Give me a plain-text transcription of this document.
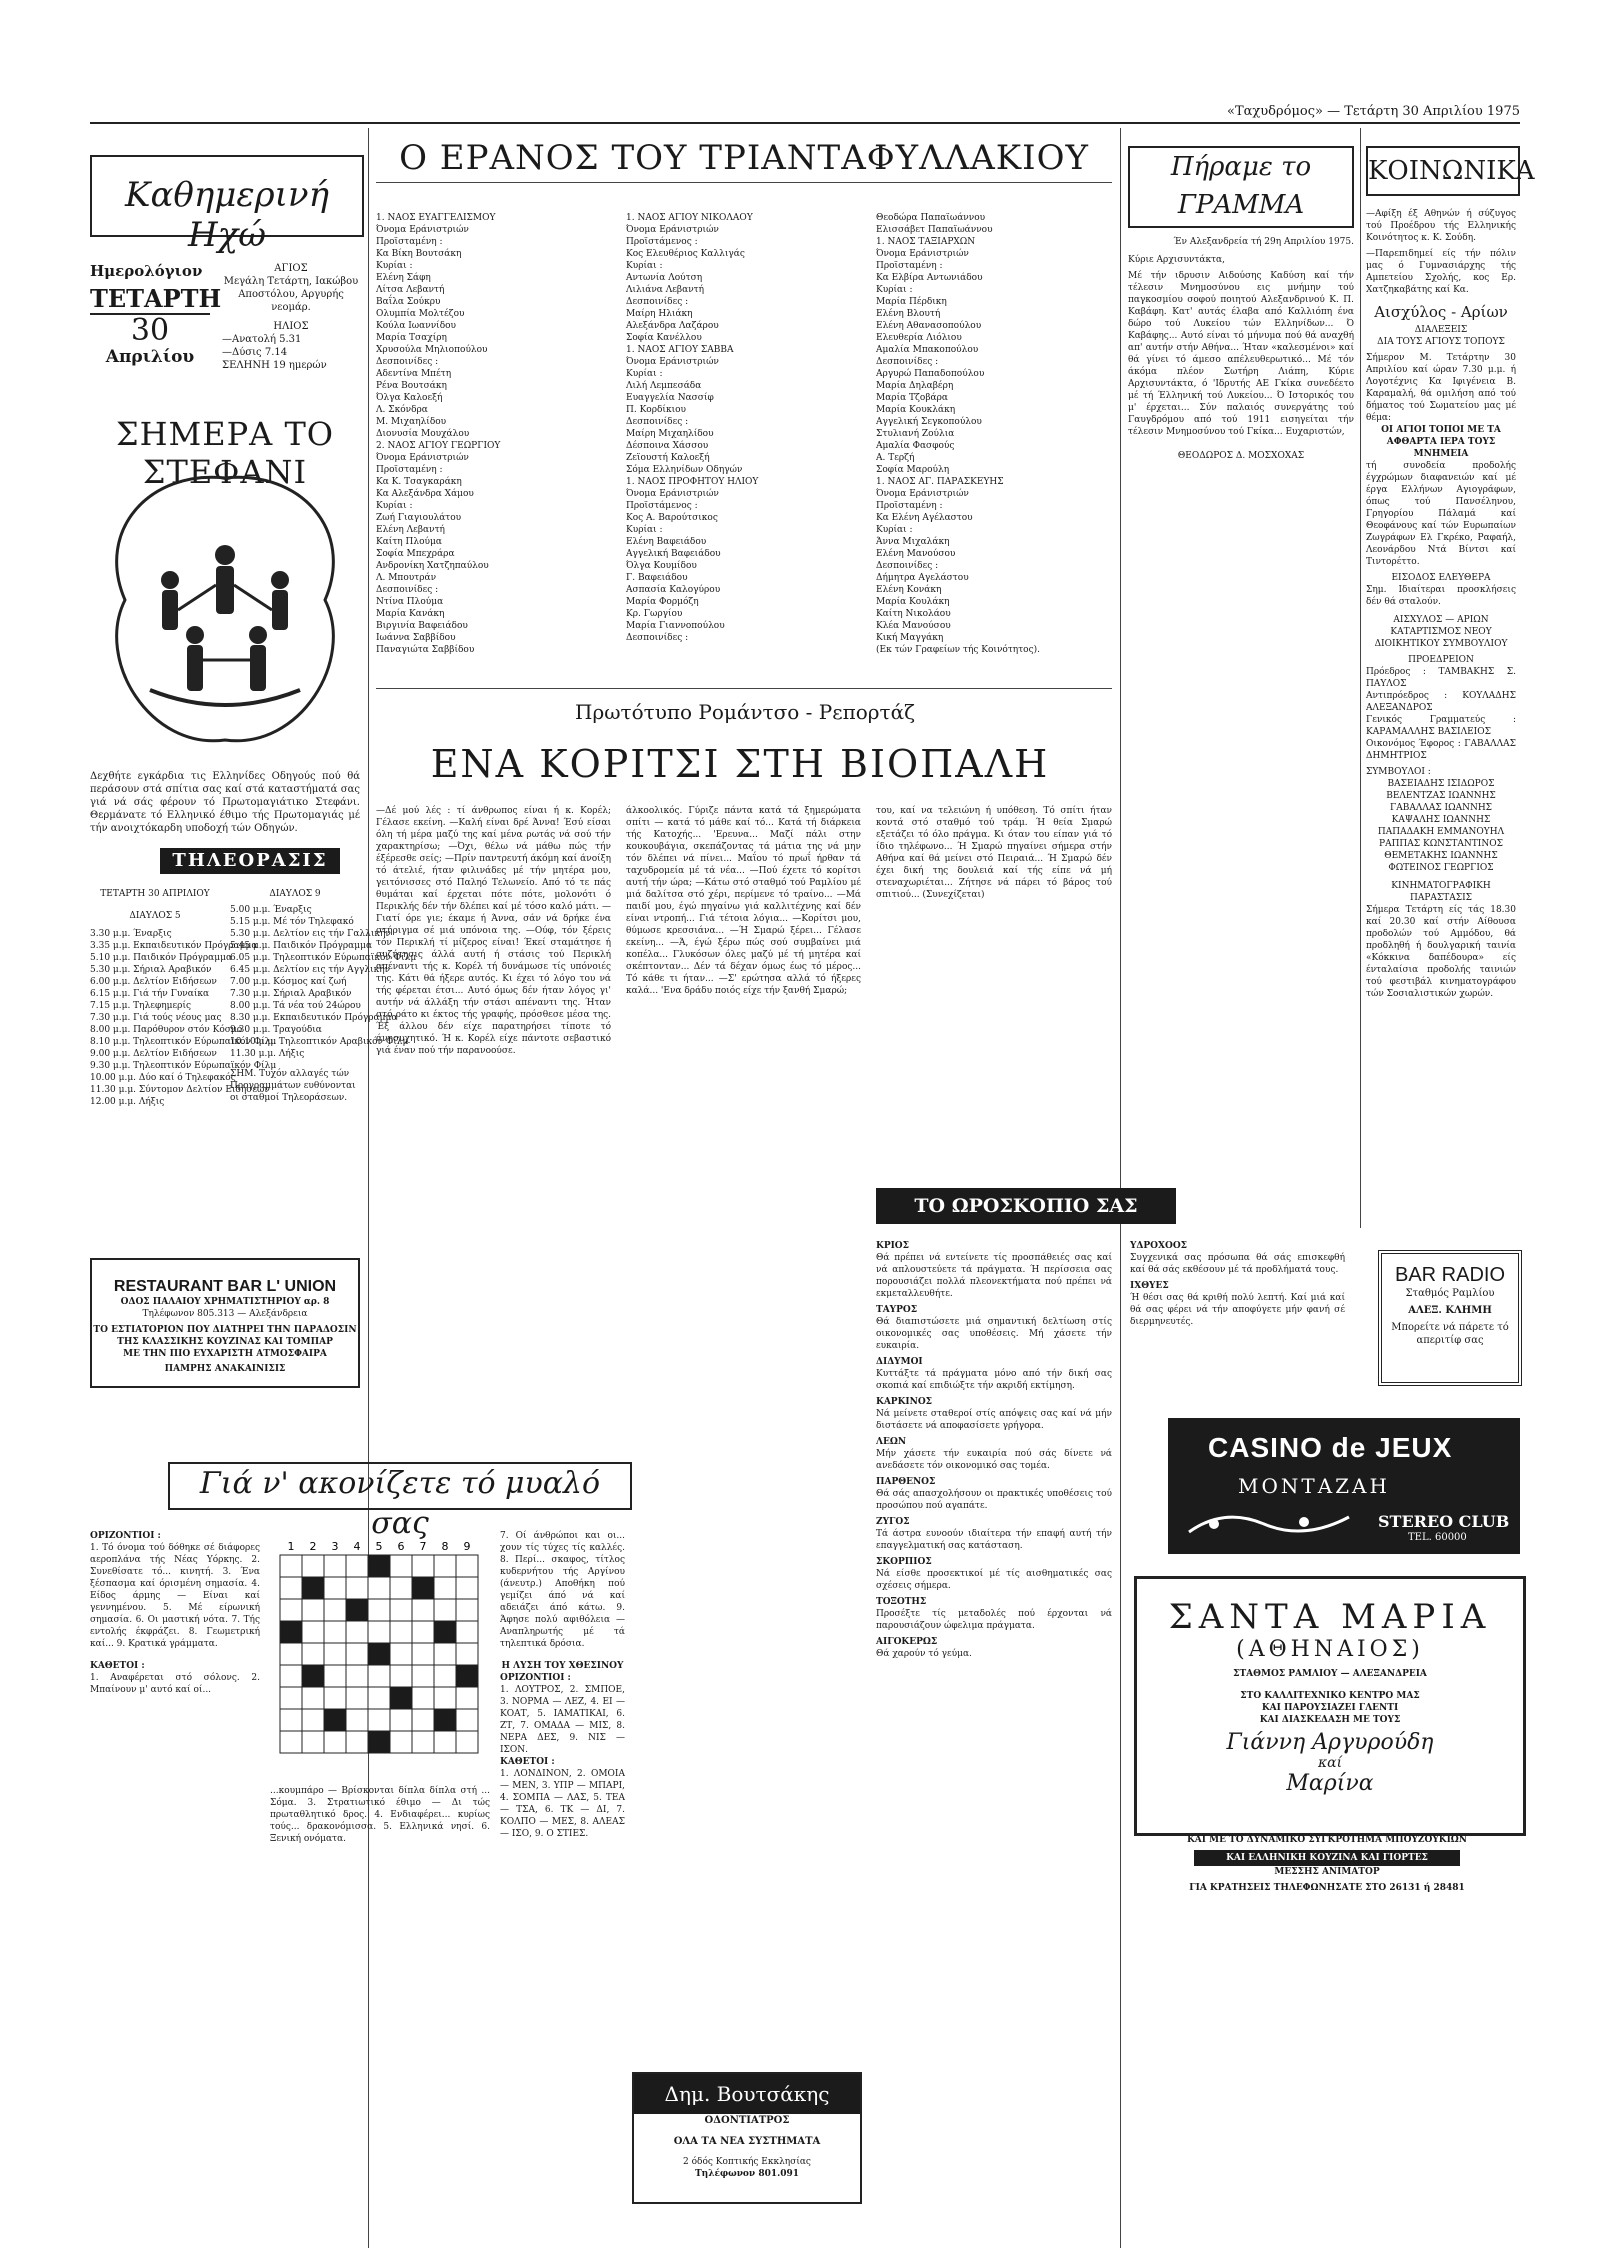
«Ταχυδρόμος» — Τετάρτη 30 Απριλίου 1975
Καθημερινή Ηχώ
Ημερολόγιον
ΤΕΤΑΡΤΗ
30
Απριλίου
ΑΓΙΟΣ
Μεγάλη Τετάρτη, Ιακώβου Αποστόλου, Αργυρής νεομάρ.
ΗΛΙΟΣ
—Ανατολή 5.31
—Δύσις 7.14
ΣΕΛΗΝΗ 19 ημερών
ΣΗΜΕΡΑ ΤΟ ΣΤΕΦΑΝΙ
Δεχθήτε εγκάρδια τις Ελληνίδες Οδηγούς πού θά περάσουν στά σπίτια σας καί στά καταστήματά σας γιά νά σάς φέρουν τό Πρωτομαγιάτικο Στεφάνι. Θερμάνατε τό Ελληνικό έθιμο τής Πρωτομαγιάς μέ τήν ανοιχτόκαρδη υποδοχή τών Οδηγών.
ΤΗΛΕΟΡΑΣΙΣ
ΤΕΤΑΡΤΗ 30 ΑΠΡΙΛΙΟΥ
ΔΙΑΥΛΟΣ 5
3.30 μ.μ. Έναρξις
3.35 μ.μ. Εκπαιδευτικόν Πρόγραμμα
5.10 μ.μ. Παιδικόν Πρόγραμμα
5.30 μ.μ. Σήριαλ Αραβικόν
6.00 μ.μ. Δελτίον Ειδήσεων
6.15 μ.μ. Γιά τήν Γυναίκα
7.15 μ.μ. Τηλεφημερίς
7.30 μ.μ. Γιά τούς νέους μας
8.00 μ.μ. Παρόθυρον στόν Κόσμο
8.10 μ.μ. Τηλεοπτικόν Εύρωπαϊκόν Φίλμ
9.00 μ.μ. Δελτίον Ειδήσεων
9.30 μ.μ. Τηλεοπτικόν Εύρωπαϊκόν Φίλμ
10.00 μ.μ. Δύο καί ό Τηλεφακός
11.30 μ.μ. Σύντομον Δελτίον Ειδήσεων
12.00 μ.μ. Λήξις
ΔΙΑΥΛΟΣ 9
5.00 μ.μ. Έναρξις
5.15 μ.μ. Μέ τόν Τηλεφακό
5.30 μ.μ. Δελτίον εις τήν Γαλλικήν
5.45 μ.μ. Παιδικόν Πρόγραμμα
6.05 μ.μ. Τηλεοπτικόν Εύρωπαϊκόν Φίλμ
6.45 μ.μ. Δελτίον εις τήν Αγγλικήν
7.00 μ.μ. Κόσμος καί ζωή
7.30 μ.μ. Σήριαλ Αραβικόν
8.00 μ.μ. Τά νέα τού 24ώρου
8.30 μ.μ. Εκπαιδευτικόν Πρόγραμμα
9.30 μ.μ. Τραγούδια
10.10 μ.μ. Τηλεοπτικόν Αραβικόν Φίλμ
11.30 μ.μ. Λήξις
ΣΗΜ. Τυχόν αλλαγές τών Προγραμμάτων ευθύνονται οι σταθμοί Τηλεοράσεων.
RESTAURANT BAR L' UNION
ΟΔΟΣ ΠΑΛΑΙΟΥ ΧΡΗΜΑΤΙΣΤΗΡΙΟΥ αρ. 8
Τηλέφωνον 805.313 — Αλεξάνδρεια
ΤΟ ΕΣΤΙΑΤΟΡΙΟΝ ΠΟΥ ΔΙΑΤΗΡΕΙ ΤΗΝ ΠΑΡΑΔΟΣΙΝ
ΤΗΣ ΚΛΑΣΣΙΚΗΣ ΚΟΥΖΙΝΑΣ ΚΑΙ ΤΟΜΠΑΡ
ΜΕ ΤΗΝ ΠΙΟ ΕΥΧΑΡΙΣΤΗ ΑΤΜΟΣΦΑΙΡΑ
ΠΑΜΡΗΣ ΑΝΑΚΑΙΝΙΣΙΣ
Γιά ν' ακονίζετε τό μυαλό σας
ΟΡΙΖΟΝΤΙΟΙ :
1. Τό όνομα τού δόθηκε σέ διάφορες αεροπλάνα τής Νέας Υόρκης. 2. Συνεθίσατε τό... κινητή. 3. Ένα ξέσπασμα καί όρισμένη σημασία. 4. Είδος άρμης — Είναι καί γεννημένου. 5. Μέ είρωνική σημασία. 6. Οι μαστική νότα. 7. Τής εντολής έκφράζει. 8. Γεωμετρική καί... 9. Κρατικά γράμματα.
ΚΑΘΕΤΟΙ :
1. Αναφέρεται στό σόλονς. 2. Μπαίνουν μ' αυτό καί οί...
1 2 3 4 5 6 7 8 9
...κουμπάρο — Βρίσκονται δίπλα δίπλα στή ... Σόμα. 3. Στρατιωτικό έθιμο — Δι τώς πρωταθλητικό δρος. 4. Ενδιαφέρει... κυρίως τούς... δρακονόμισσα. 5. Ελληνικά νησί. 6. Ξενική ονόματα.
7. Οί άνθρώποι και οι... χουν τίς τύχες τίς καλλές. 8. Περί... σκαφος, τίτλος κυδερνήτου τής Αργίνου (άνευτρ.) Αποθήκη πού γεμίζει άπό νά καί αδειάζει άπό κάτω. 9. Άφησε πολύ αφιθόλεια — Αναπληρωτής μέ τά τηλεπτικά δρόσια.
Η ΛΥΣΗ ΤΟΥ ΧΘΕΣΙΝΟΥ
ΟΡΙΖΟΝΤΙΟΙ :
1. ΛΟΥΤΡΟΣ, 2. ΣΜΠΟΕ, 3. ΝΟΡΜΑ — ΛΕΖ, 4. ΕΙ — ΚΟΑΤ, 5. ΙΑΜΑΤΙΚΑΙ, 6. ΖΤ, 7. ΟΜΑΔΑ — ΜΙΣ, 8. ΝΕΡΑ ΔΕΣ, 9. ΝΙΣ — ΙΣΟΝ.
ΚΑΘΕΤΟΙ :
1. ΛΟΝΔΙΝΟΝ, 2. ΟΜΟΙΑ — ΜΕΝ, 3. ΥΠΡ — ΜΠΑΡΙ, 4. ΣΟΜΠΑ — ΛΑΣ, 5. ΤΕΑ — ΤΣΑ, 6. ΤΚ — ΔΙ, 7. ΚΟΛΠΟ — ΜΕΣ, 8. ΑΛΕΑΣ — ΙΣΟ, 9. Ο ΣΤΙΕΣ.
Ο ΕΡΑΝΟΣ ΤΟΥ ΤΡΙΑΝΤΑΦΥΛΛΑΚΙΟΥ
1. ΝΑΟΣ ΕΥΑΓΓΕΛΙΣΜΟΥ
Όνομα Εράνιστριών
Προϊσταμένη :
Κα Βίκη Βουτσάκη
Κυρίαι :
Ελένη Σάφη
Λίτσα Λεβαντή
Βαΐλα Σούκρυ
Ολυμπία Μολτέζου
Κούλα Ιωαννίδου
Μαρία Τσαχίρη
Χρυσούλα Μηλιοπούλου
Δεσποινίδες :
Αδεντίνα Μπέτη
Ρένα Βουτσάκη
Όλγα Καλοεξή
Λ. Σκόνδρα
Μ. Μιχαηλίδου
Διονυσία Μουχάλου
2. ΝΑΟΣ ΑΓΙΟΥ ΓΕΩΡΓΙΟΥ
Όνομα Εράνιστριών
Προϊσταμένη :
Κα Κ. Τσαγκαράκη
Κα Αλεξάνδρα Χάμου
Κυρίαι :
Ζωή Γιαγιουλάτου
Ελένη Λεβαντή
Καίτη Πλούμα
Σοφία Μπεχράρα
Ανδρονίκη Χατζηπαύλου
Λ. Μπουτράν
Δεσποινίδες :
Ντίνα Πλούμα
Μαρία Κανάκη
Βιργινία Βαφειάδου
Ιωάννα Σαββίδου
Παναγιώτα Σαββίδου
1. ΝΑΟΣ ΑΓΙΟΥ ΝΙΚΟΛΑΟΥ
Όνομα Εράνιστριών
Προϊστάμενος :
Κος Ελευθέριος Καλλιγάς
Κυρίαι :
Αντωνία Λούτση
Λιλιάνα Λεβαντή
Δεσποινίδες :
Μαίρη Ηλιάκη
Αλεξάνδρα Λαζάρου
Σοφία Κανέλλου
1. ΝΑΟΣ ΑΓΙΟΥ ΣΑΒΒΑ
Όνομα Εράνιστριών
Κυρίαι :
Λιλή Λεμπεσάδα
Ευαγγελία Νασσίφ
Π. Κορδίκιου
Δεσποινίδες :
Μαίρη Μιχαηλίδου
Δέσποινα Χάσσου
Ζεϊουστή Καλοεξή
Σόμα Ελληνίδων Οδηγών
1. ΝΑΟΣ ΠΡΟΦΗΤΟΥ ΗΛΙΟΥ
Όνομα Εράνιστριών
Προϊστάμενος :
Κος Α. Βαρούτσικος
Κυρίαι :
Ελένη Βαφειάδου
Αγγελική Βαφειάδου
Όλγα Κουμίδου
Γ. Βαφειάδου
Ασπασία Καλογύρου
Μαρία Φορμόζη
Κρ. Γωργίου
Μαρία Γιαννοπούλου
Δεσποινίδες :
Θεοδώρα Παπαϊωάννου
Ελισσάβετ Παπαϊωάννου
1. ΝΑΟΣ ΤΑΞΙΑΡΧΩΝ
Όνομα Εράνιστριών
Προϊσταμένη :
Κα Ελβίρα Αντωνιάδου
Κυρίαι :
Μαρία Πέρδικη
Ελένη Βλουτή
Ελένη Αθανασοπούλου
Ελευθερία Λιόλιου
Αμαλία Μπακοπούλου
Δεσποινίδες :
Αργυρώ Παπαδοπούλου
Μαρία Δηλαβέρη
Μαρία Τζοβάρα
Μαρία Κουκλάκη
Αγγελική Σεγκοπούλου
Στυλιανή Ζούλια
Αμαλία Φασφούς
Α. Τερζή
Σοφία Μαρούλη
1. ΝΑΟΣ ΑΓ. ΠΑΡΑΣΚΕΥΗΣ
Όνομα Εράνιστριών
Προϊσταμένη :
Κα Ελένη Αγέλαστου
Κυρίαι :
Άννα Μιχαλάκη
Ελένη Μανούσου
Δεσποινίδες :
Δήμητρα Αγελάστου
Ελένη Κονάκη
Μαρία Κουλάκη
Καίτη Νικολάου
Κλέα Μανούσου
Κική Μαγγάκη
(Εκ τών Γραφείων τής Κοινότητος).
Πρωτότυπο Ρομάντσο - Ρεπορτάζ
ΕΝΑ ΚΟΡΙΤΣΙ ΣΤΗ ΒΙΟΠΑΛΗ
—Δέ μού λές : τί άνθρωπος είναι ή κ. Κορέλ; Γέλασε εκείνη. —Καλή είναι δρέ Άννα! Έσύ είσαι όλη τή μέρα μαζύ της καί μένα ρωτάς νά σού τήν χαρακτηρίσω; —Όχι, θέλω νά μάθω πώς τήν έξέρεσθε σείς; —Πρίν παντρευτή άκόμη καί άνοίξη τό άτελιέ, ήταν φιλινάδες μέ τήν μητέρα μου, γειτόνισσες στό Παληό Τελωνείο. Από τό τε πάς θυμάται καί έρχεται πότε πότε, μολονότι ό Περικλής δέν τήν δλέπει καί μέ τόσο καλό μάτι. —Γιατί όρε γιε; έκαμε ή Άννα, σάν νά δρήκε ένα στήριγμα σέ μιά υπόνοια της. —Ούφ, τόν ξέρεις τόν Περικλή τί μίζερος είναι! Έκεί σταμάτησε ή συζήτησις άλλά αυτή ή στάσις τού Περικλή απέναντι τής κ. Κορέλ τή δυνάμωσε τίς υπόνοιές της. Κάτι θά ήξερε αυτός. Κι έχει τό λόγο του νά τής φέρεται έτσι... Αυτό όμως δέν ήταν λόγος γι' αυτήν νά άλλάξη τήν στάσι απέναντι της. Ήταν στό ράτο κι έκτος τής γραφής, πρόσθεσε μέσα της. Έξ άλλου δέν είχε παρατηρήσει τίποτε τό άνησυχητικό. Ή κ. Κορέλ είχε πάντοτε σεβαστικό γιά έναν πού τήν παρανοούσε.
άλκοολικός. Γύριζε πάντα κατά τά ξημερώματα σπίτι — κατά τό μάθε καί τό... Κατά τή διάρκεια τής Κατοχής... 'Ερευνα... Μαζί πάλι στην κουκουβάγια, σκεπάζοντας τά μάτια της νά μην τόν δλέπει νά πίνει... Μαΐου τό πρωΐ ήρθαν τά ταχυδρομεία μέ τά νέα... —Πού έχετε τό κορίτσι αυτή τήν ώρα; —Κάτω στό σταθμό τού Ραμλίου μέ μιά δαλίτσα στό χέρι, περίμενε τό τραίνο... —Μά παιδί μου, έγώ πηγαίνω γιά καλλιτέχνης καί δέν είναι ντροπή... Γιά τέτοια λόγια... —Κορίτσι μου, θύμωσε κρεσσιάνα... —Ή Σμαρώ ξέρει... Γέλασε εκείνη... —Ά, έγώ ξέρω πώς σού συμβαίνει μιά κοπέλα... Γλυκόσων όλες μαζύ μέ τή μητέρα καί σκέπτονταν... Δέν τά δέχαν όμως έως τό μέρος... Τό κάθε τι ήταν... —Σ' ερώτησα αλλά τό ήξερες καλά... 'Ενα δράδυ ποιός είχε τήν ξανθή Σμαρώ;
του, καί να τελειώνη ή υπόθεση. Τό σπίτι ήταν κοντά στό σταθμό τού τράμ. Ή θεία Σμαρώ εξετάζει τό όλο πράγμα. Κι όταν του είπαν γιά τό ίδιο τηλέφωνο... Ή Σμαρώ πηγαίνει σήμερα στήν Αθήνα καί θά μείνει στό Πειραιά... Ή Σμαρώ δέν έχει δική της δουλειά καί τής είπε νά μή στεναχωριέται... Ζήτησε νά πάρει τό βάρος τού σπιτιού... (Συνεχίζεται)
ΤΟ ΩΡΟΣΚΟΠΙΟ ΣΑΣ
ΚΡΙΟΣ
Θά πρέπει νά εντείνετε τίς προσπάθειές σας καί νά απλουστεύετε τά πράγματα. Ή περίσσεια σας πορουσιάζει πολλά πλεονεκτήματα πού πρέπει νά εκμεταλλευθήτε.
ΤΑΥΡΟΣ
Θά διαπιστώσετε μιά σημαντική δελτίωση στίς οικονομικές σας υποθέσεις. Μή χάσετε τήν ευκαιρία.
ΔΙΔΥΜΟΙ
Κυττάξτε τά πράγματα μόνο από τήν δική σας σκοπιά καί επιδιώξτε τήν ακριδή εκτίμηση.
ΚΑΡΚΙΝΟΣ
Νά μείνετε σταθεροί στίς απόψεις σας καί νά μήν διστάσετε νά αποφασίσετε γρήγορα.
ΛΕΩΝ
Μήν χάσετε τήν ευκαιρία πού σάς δίνετε νά ανεδάσετε τόν οικονομικό σας τομέα.
ΠΑΡΘΕΝΟΣ
Θά σάς απασχολήσουν οι πρακτικές υποθέσεις τού προσώπου πού αγαπάτε.
ΖΥΓΟΣ
Τά άστρα ευνοούν ιδιαίτερα τήν επαφή αυτή τήν επαγγελματική σας κατάσταση.
ΣΚΟΡΠΙΟΣ
Νά είσθε προσεκτικοί μέ τίς αισθηματικές σας σχέσεις σήμερα.
ΤΟΞΟΤΗΣ
Προσέξτε τίς μεταδολές πού έρχονται νά παρουσιάζουν ώφελιμα πράγματα.
ΑΙΓΟΚΕΡΩΣ
Θά χαρούν τό γεύμα.
ΥΔΡΟΧΟΟΣ
Συγχενικά σας πρόσωπα θά σάς επισκεφθή καί θά σάς εκθέσουν μέ τά προδλήματά τους.
ΙΧΘΥΕΣ
Ή θέσι σας θά κριθή πολύ λεπτή. Καί μιά καί θά σας φέρει νά τήν αποφύγετε μήν φανή σέ διερμηνευτές.
Δημ. Βουτσάκης
ΟΔΟΝΤΙΑΤΡΟΣ
ΟΛΑ ΤΑ ΝΕΑ ΣΥΣΤΗΜΑΤΑ
2 όδός Κοπτικής Εκκλησίας
Τηλέφωνον 801.091
Πήραμε το ΓΡΑΜΜΑ
Έν Αλεξανδρεία τή 29η Απριλίου 1975.
Κύριε Αρχισυντάκτα,
Μέ τήν ιδρυσιν Αιδούσης Καδύση καί τήν τέλεσιν Μνημοσύνου εις μνήμην τού παγκοσμίου σοφού ποιητού Αλεξανδρινού Κ. Π. Καβάφη. Κατ' αυτάς έλαβα από Καλλιόπη ένα δώρο τού Λυκείου τών Ελληνίδων... Ό Καβάφης... Αυτό είναι τό μήνυμα πού θά αναχθή απ' αυτήν στήν Αθήνα... Ήταν «καλεσμένοι» καί θά γίνει τό άμεσο απέλευθερωτικό... Μέ τόν άκόμα πλέον Σωτήρη Λιάπη, Κύριε Αρχισυντάκτα, ό 'Ιδρυτής ΑΕ Γκίκα συνεδέετο μέ τή Έλληνική τού Λυκείου... Ό Ιστορικός του μ' έρχεται... Σύν παλαιός συνεργάτης τού Γαυγδρόμου από τού 1911 εισηγείται τήν τέλεσιν Μνημοσύνου τού Γκίκα... Ευχαριστών,
ΘΕΟΔΩΡΟΣ Δ. ΜΟΣΧΟΧΑΣ
ΚΟΙΝΩΝΙΚΑ
—Αφίξη έξ Αθηνών ή σύζυγος τού Προέδρου τής Ελληνικής Κοινότητος κ. Κ. Σούδη.
—Παρεπιδημεί είς τήν πόλιν μας ό Γυμνασιάρχης τής Αμπετείου Σχολής, κος Ερ. Χατζηκαβάτης καί Κα.
Αισχύλος - Αρίων
ΔΙΑΛΕΞΕΙΣ
ΔΙΑ ΤΟΥΣ ΑΓΙΟΥΣ ΤΟΠΟΥΣ
Σήμερον Μ. Τετάρτην 30 Απριλίου καί ώραν 7.30 μ.μ. ή Λογοτέχνις Κα Ιφιγένεια Β. Καραμαλή, θά ομιλήση από τού δήματος τού Σωματείου μας μέ θέμα:
ΟΙ ΑΓΙΟΙ ΤΟΠΟΙ ΜΕ ΤΑ ΑΦΘΑΡΤΑ ΙΕΡΑ ΤΟΥΣ ΜΝΗΜΕΙΑ
τή συνοδεία προδολής έγχρώμων διαφανειών καί μέ έργα Ελλήνων Αγιογράφων, όπως τού Πανσέληνου, Γρηγορίου Πάλαμά καί Θεοφάνους καί τών Ευρωπαίων Ζωγράφων Ελ Γκρέκο, Ραφαήλ, Λεονάρδου Ντά Βίντσι καί Τιντορέττο.
ΕΙΣΟΔΟΣ ΕΛΕΥΘΕΡΑ
Σημ. Ιδιαίτεραι προσκλήσεις δέν θά σταλούν.
ΑΙΣΧΥΛΟΣ — ΑΡΙΩΝ
ΚΑΤΑΡΤΙΣΜΟΣ ΝΕΟΥ ΔΙΟΙΚΗΤΙΚΟΥ ΣΥΜΒΟΥΛΙΟΥ
ΠΡΟΕΔΡΕΙΟΝ
Πρόεδρος : ΤΑΜΒΑΚΗΣ Σ. ΠΑΥΛΟΣ
Αντιπρόεδρος : ΚΟΥΛΑΔΗΣ ΑΛΕΞΑΝΔΡΟΣ
Γενικός Γραμματεύς : ΚΑΡΑΜΑΛΛΗΣ ΒΑΣΙΛΕΙΟΣ
Οικονόμος Έφορος : ΓΑΒΑΛΛΑΣ ΔΗΜΗΤΡΙΟΣ
ΣΥΜΒΟΥΛΟΙ :
ΒΑΣΕΙΑΔΗΣ ΙΣΙΔΩΡΟΣ
ΒΕΛΕΝΤΖΑΣ ΙΩΑΝΝΗΣ
ΓΑΒΑΛΛΑΣ ΙΩΑΝΝΗΣ
ΚΑΨΑΛΗΣ ΙΩΑΝΝΗΣ
ΠΑΠΑΔΑΚΗ ΕΜΜΑΝΟΥΗΛ
ΡΑΠΠΑΣ ΚΩΝΣΤΑΝΤΙΝΟΣ
ΘΕΜΕΤΑΚΗΣ ΙΩΑΝΝΗΣ
ΦΩΤΕΙΝΟΣ ΓΕΩΡΓΙΟΣ
ΚΙΝΗΜΑΤΟΓΡΑΦΙΚΗ ΠΑΡΑΣΤΑΣΙΣ
Σήμερα Τετάρτη είς τάς 18.30 καί 20.30 καί στήν Αίθουσα προδολών τού Αμμόδου, θά προδληθή ή δουλγαρική ταινία «Κόκκινα δαπέδουρα» είς ένταλαίσια προδολής ταινιών τού φεστιβάλ κινηματογράφου τών Σοσιαλιστικών χωρών.
BAR RADIO
Σταθμός Ραμλίου
ΑΛΕΞ. ΚΛΗΜΗ
Μπορείτε νά πάρετε τό απεριτίφ σας
CASINO de JEUX
ΜΟΝΤΑΖΑΗ
STEREO CLUB
TEL. 60000
ΣΑΝΤΑ ΜΑΡΙΑ
(ΑΘΗΝΑΙΟΣ)
ΣΤΑΘΜΟΣ ΡΑΜΛΙΟΥ — ΑΛΕΞΑΝΔΡΕΙΑ
ΣΤΟ ΚΑΛΛΙΤΕΧΝΙΚΟ ΚΕΝΤΡΟ ΜΑΣ
ΚΑΙ ΠΑΡΟΥΣΙΑΖΕΙ ΓΛΕΝΤΙ
ΚΑΙ ΔΙΑΣΚΕΔΑΣΗ ΜΕ ΤΟΥΣ
Γιάννη Αργυρούδη
καί
Μαρίνα
ΚΑΙ ΜΕ ΤΟ ΔΥΝΑΜΙΚΟ ΣΥΓΚΡΟΤΗΜΑ ΜΠΟΥΖΟΥΚΙΩΝ
ΚΑΙ ΕΛΛΗΝΙΚΗ ΚΟΥΖΙΝΑ ΚΑΙ ΓΙΟΡΤΕΣ
ΜΕΣΣΗΣ ΑΝΙΜΑΤΟΡ
ΓΙΑ ΚΡΑΤΗΣΕΙΣ ΤΗΛΕΦΩΝΗΣΑΤΕ ΣΤΟ 26131 ή 28481
